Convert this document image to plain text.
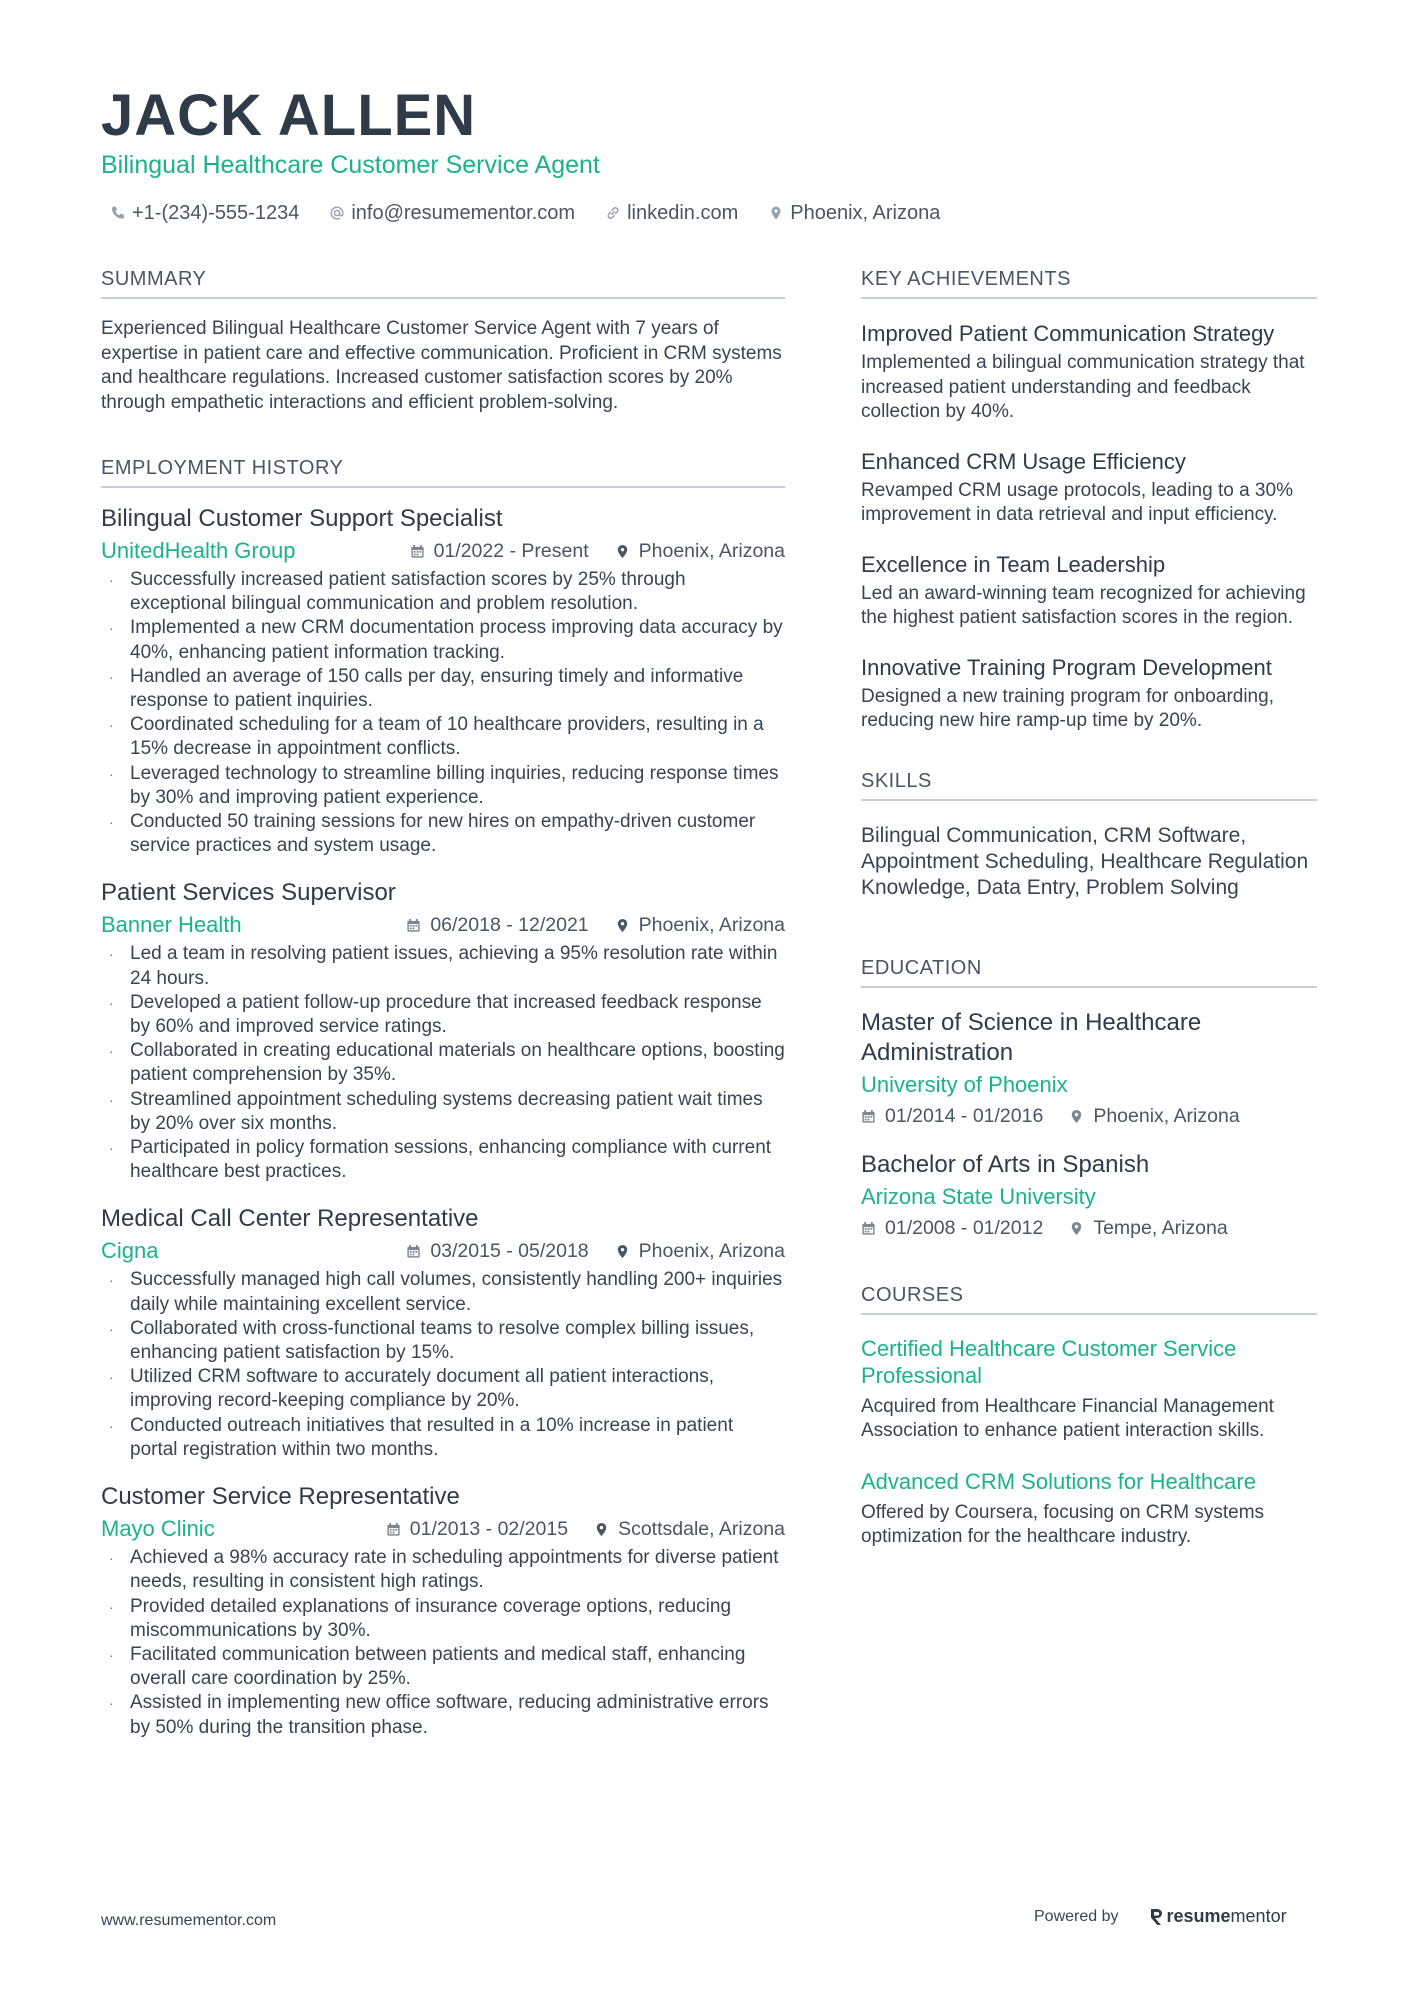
JACK ALLEN
Bilingual Healthcare Customer Service Agent
+1-(234)-555-1234	info@resumementor.com	linkedin.com	Phoenix, Arizona
SUMMARY

Experienced Bilingual Healthcare Customer Service Agent with 7 years of expertise in patient care and effective communication. Proficient in CRM systems and healthcare regulations. Increased customer satisfaction scores by 20% through empathetic interactions and efficient problem-solving.

EMPLOYMENT HISTORY
Bilingual Customer Support Specialist
UnitedHealth Group	01/2022 - Present	Phoenix, Arizona
· Successfully increased patient satisfaction scores by 25% through exceptional bilingual communication and problem resolution.
· Implemented a new CRM documentation process improving data accuracy by 40%, enhancing patient information tracking.
· Handled an average of 150 calls per day, ensuring timely and informative response to patient inquiries.
· Coordinated scheduling for a team of 10 healthcare providers, resulting in a 15% decrease in appointment conflicts.
· Leveraged technology to streamline billing inquiries, reducing response times by 30% and improving patient experience.
· Conducted 50 training sessions for new hires on empathy-driven customer service practices and system usage.
Patient Services Supervisor
Banner Health	06/2018 - 12/2021	Phoenix, Arizona
· Led a team in resolving patient issues, achieving a 95% resolution rate within 24 hours.
· Developed a patient follow-up procedure that increased feedback response by 60% and improved service ratings.
· Collaborated in creating educational materials on healthcare options, boosting patient comprehension by 35%.
· Streamlined appointment scheduling systems decreasing patient wait times by 20% over six months.
· Participated in policy formation sessions, enhancing compliance with current healthcare best practices.
Medical Call Center Representative
Cigna	03/2015 - 05/2018	Phoenix, Arizona
· Successfully managed high call volumes, consistently handling 200+ inquiries daily while maintaining excellent service.
· Collaborated with cross-functional teams to resolve complex billing issues, enhancing patient satisfaction by 15%.
· Utilized CRM software to accurately document all patient interactions, improving record-keeping compliance by 20%.
· Conducted outreach initiatives that resulted in a 10% increase in patient portal registration within two months.
Customer Service Representative
Mayo Clinic	01/2013 - 02/2015	Scottsdale, Arizona
· Achieved a 98% accuracy rate in scheduling appointments for diverse patient needs, resulting in consistent high ratings.
· Provided detailed explanations of insurance coverage options, reducing miscommunications by 30%.
· Facilitated communication between patients and medical staff, enhancing overall care coordination by 25%.
· Assisted in implementing new office software, reducing administrative errors by 50% during the transition phase.
KEY ACHIEVEMENTS
Improved Patient Communication Strategy
Implemented a bilingual communication strategy that increased patient understanding and feedback collection by 40%.
Enhanced CRM Usage Efficiency
Revamped CRM usage protocols, leading to a 30% improvement in data retrieval and input efficiency.
Excellence in Team Leadership
Led an award-winning team recognized for achieving the highest patient satisfaction scores in the region.
Innovative Training Program Development
Designed a new training program for onboarding, reducing new hire ramp-up time by 20%.
SKILLS
Bilingual Communication, CRM Software, Appointment Scheduling, Healthcare Regulation Knowledge, Data Entry, Problem Solving
EDUCATION
Master of Science in Healthcare Administration
University of Phoenix
01/2014 - 01/2016	Phoenix, Arizona
Bachelor of Arts in Spanish
Arizona State University
01/2008 - 01/2012	Tempe, Arizona
COURSES
Certified Healthcare Customer Service Professional
Acquired from Healthcare Financial Management Association to enhance patient interaction skills.
Advanced CRM Solutions for Healthcare
Offered by Coursera, focusing on CRM systems optimization for the healthcare industry.
www.resumementor.com	Powered by	resume mentor
